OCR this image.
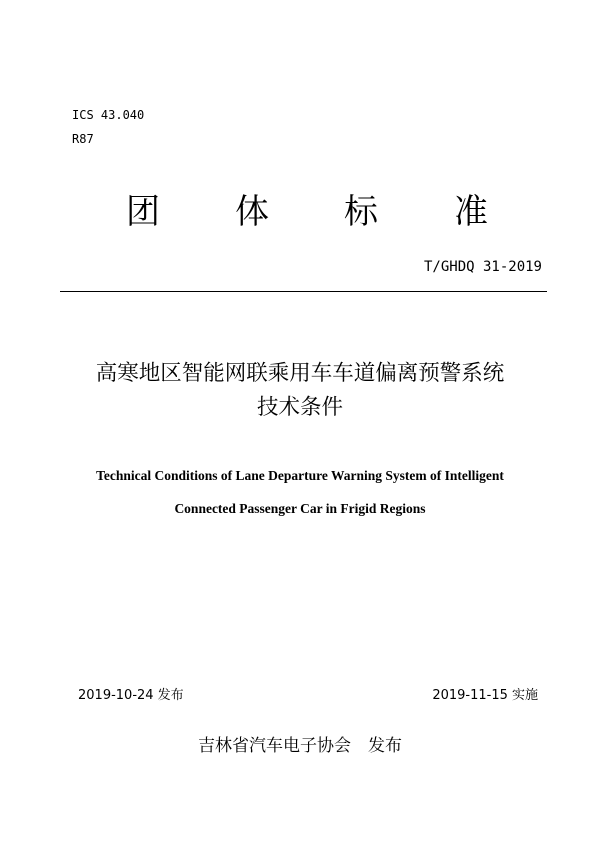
ICS 43.040
R87
团 体 标 准
T/GHDQ 31-2019
高寒地区智能网联乘用车车道偏离预警系统
技术条件
Technical Conditions of Lane Departure Warning System of Intelligent
Connected Passenger Car in Frigid Regions
2019-10-24 发布	2019-11-15 实施
吉林省汽车电子协会　发布
